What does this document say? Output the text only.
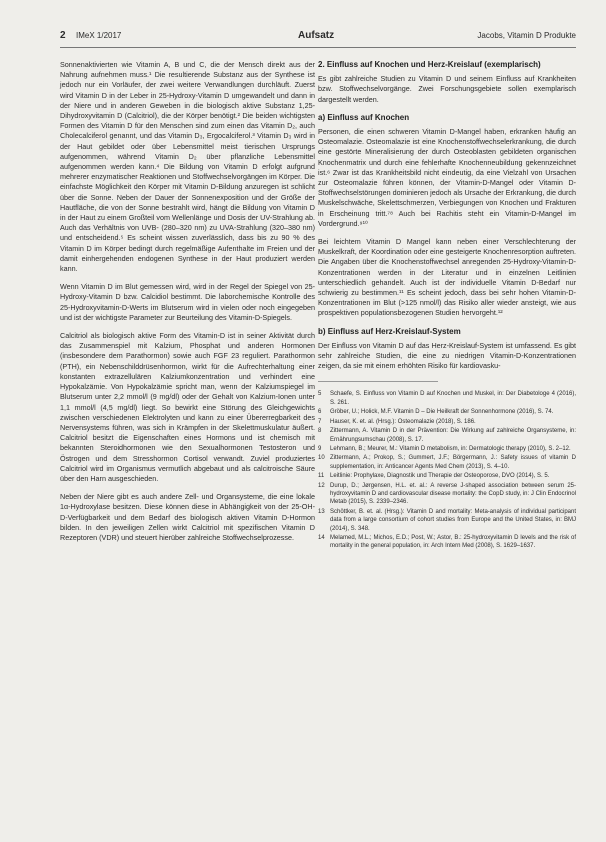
2 IMeX 1/2017	Aufsatz	Jacobs, Vitamin D Produkte

Sonnenaktivierten wie Vitamin A, B und C, die der Mensch direkt aus der Nahrung aufnehmen muss.¹ Die resultierende Substanz aus der Synthese ist jedoch nur ein Vorläufer, der zwei weitere Verwandlungen durchläuft. Zuerst wird Vitamin D in der Leber in 25-Hydroxy-Vitamin D umgewandelt und dann in der Niere und in anderen Geweben in die biologisch aktive Substanz 1,25-Dihydroxyvitamin D (Calcitriol), die der Körper benötigt.² Die beiden wichtigsten Formen des Vitamin D für den Menschen sind zum einen das Vitamin D₂, auch Cholecalciferol genannt, und das Vitamin D₃, Ergocalciferol.³ Vitamin D₃ wird in der Haut gebildet oder über Lebensmittel meist tierischen Ursprungs aufgenommen, während Vitamin D₂ über pflanzliche Lebensmittel aufgenommen werden kann.⁴ Die Bildung von Vitamin D erfolgt aufgrund mehrerer enzymatischer Reaktionen und Stoffwechselvorgängen im Körper. Die einfachste Möglichkeit den Körper mit Vitamin D-Bildung anzuregen ist schlicht über die Sonne. Neben der Dauer der Sonnenexposition und der Größe der Hautfläche, die von der Sonne bestrahlt wird, hängt die Bildung von Vitamin D in der Haut zu einem Großteil vom Wellenlänge und Dosis der UV-Strahlung ab. Auch das Verhältnis von UVB- (280–320 nm) zu UVA-Strahlung (320–380 nm) und entscheidend.⁵ Es scheint wissen zuverlässlich, dass bis zu 90 % des Vitamin D im Körper bedingt durch regelmäßige Aufenthalte im Freien und der damit einhergehenden endogenen Synthese in der Haut produziert werden kann.

Wenn Vitamin D im Blut gemessen wird, wird in der Regel der Spiegel von 25-Hydroxy-Vitamin D bzw. Calcidiol bestimmt. Die laborchemische Kontrolle des 25-Hydroxyvitamin-D-Werts im Blutserum wird in vielen oder noch eingegeben und ist der wichtigste Parameter zur Beurteilung des Vitamin-D-Spiegels.

Calcitriol als biologisch aktive Form des Vitamin-D ist in seiner Aktivität durch das Zusammenspiel mit Kalzium, Phosphat und anderen Hormonen (insbesondere dem Parathormon) sowie auch FGF 23 reguliert. Parathormon (PTH), ein Nebenschilddrüsenhormon, wirkt für die Aufrechterhaltung einer konstanten extrazellulären Kalziumkonzentration und verhindert eine Hypokalzämie. Von Hypokalzämie spricht man, wenn der Kalziumspiegel im Blutserum unter 2,2 mmol/l (9 mg/dl) oder der Gehalt von Kalzium-Ionen unter 1,1 mmol/l (4,5 mg/dl) liegt. So bewirkt eine Störung des Gleichgewichts zwischen verschiedenen Elektrolyten und kann zu einer Übererregbarkeit des Nervensystems führen, was sich in Krämpfen in der Skelettmuskulatur äußert. Calcitriol besitzt die Eigenschaften eines Hormons und ist chemisch mit bekannten Steroidhormonen wie den Sexualhormonen Testosteron und Östrogen und dem Stresshormon Cortisol verwandt. Zuviel produziertes Calcitriol wird im Organismus vermutlich abgebaut und als calcitroische Säure über den Harn ausgeschieden.

Neben der Niere gibt es auch andere Zell- und Organsysteme, die eine lokale 1α-Hydroxylase besitzen. Diese können diese in Abhängigkeit von der 25-OH-D-Verfügbarkeit und dem Bedarf des biologisch aktiven Vitamin D-Hormon bilden. In den jeweiligen Zellen wirkt Calcitriol mit spezifischen Vitamin D Rezeptoren (VDR) und steuert hierüber zahlreiche Stoffwechselprozesse.

2. Einfluss auf Knochen und Herz-Kreislauf (exemplarisch)

Es gibt zahlreiche Studien zu Vitamin D und seinem Einfluss auf Krankheiten bzw. Stoffwechselvorgänge. Zwei Forschungsgebiete sollen exemplarisch dargestellt werden.

a) Einfluss auf Knochen

Personen, die einen schweren Vitamin D-Mangel haben, erkranken häufig an Osteomalazie. Osteomalazie ist eine Knochenstoffwechselerkrankung, die durch eine gestörte Mineralisierung der durch Osteoblasten gebildeten organischen Knochenmatrix und durch eine fehlerhafte Knochenneubildung gekennzeichnet ist.⁶ Zwar ist das Krankheitsbild nicht eindeutig, da eine Vielzahl von Ursachen zur Osteomalazie führen können, der Vitamin-D-Mangel oder Vitamin D-Stoffwechselstörungen dominieren jedoch als Ursache der Erkrankung, die durch Muskelschwäche, Skelettschmerzen, Verbiegungen von Knochen und Frakturen in Erscheinung tritt.⁷⁸ Auch bei Rachitis steht ein Vitamin-D-Mangel im Vordergrund.⁹¹⁰

Bei leichtem Vitamin D Mangel kann neben einer Verschlechterung der Muskelkraft, der Koordination oder eine gesteigerte Knochenresorption auftreten. Die Angaben über die Knochenstoffwechsel anregenden 25-Hydroxy-Vitamin-D-Konzentrationen werden in der Literatur und in einzelnen Leitlinien unterschiedlich gehandelt. Auch ist der individuelle Vitamin D-Bedarf nur schwierig zu bestimmen.¹¹ Es scheint jedoch, dass bei sehr hohen Vitamin-D-Konzentrationen im Blut (>125 nmol/l) das Risiko aller wieder ansteigt, wie aus prospektiven populationsbezogenen Studien hervorgeht.¹²

b) Einfluss auf Herz-Kreislauf-System

Der Einfluss von Vitamin D auf das Herz-Kreislauf-System ist umfassend. Es gibt sehr zahlreiche Studien, die eine zu niedrigen Vitamin-D-Konzentrationen zeigen, da sie mit einem erhöhten Risiko für kardiovasku-

5	Schaefe, S. Einfluss von Vitamin D auf Knochen und Muskel, in: Der Diabetologe 4 (2016), S. 261.
6	Gröber, U.; Holick, M.F. Vitamin D – Die Heilkraft der Sonnenhormone (2016), S. 74.
7	Hauser, K. et. al. (Hrsg.): Osteomalazie (2018), S. 186.
8	Zittermann, A. Vitamin D in der Prävention: Die Wirkung auf zahlreiche Organsysteme, in: Ernährungsumschau (2008), S. 17.
9	Lehmann, B.; Meurer, M.: Vitamin D metabolism, in: Dermatologic therapy (2010), S. 2–12.
10 Zittermann, A.; Prokop, S.; Gummert, J.F.; Börgermann, J.: Safety issues of vitamin D supplementation, in: Anticancer Agents Med Chem (2013), S. 4–10.
11 Leitlinie: Prophylaxe, Diagnostik und Therapie der Osteoporose, DVO (2014), S. 5.
12 Durup, D.; Jørgensen, H.L. et. al.: A reverse J-shaped association between serum 25-hydroxyvitamin D and cardiovascular disease mortality: the CopD study, in: J Clin Endocrinol Metab (2015), S. 2339–2346.
13 Schöttker, B. et. al. (Hrsg.): Vitamin D and mortality: Meta-analysis of individual participant data from a large consortium of cohort studies from Europe and the United States, in: BMJ (2014), S. 348.
14 Melamed, M.L.; Michos, E.D.; Post, W.; Astor, B.: 25-hydroxyvitamin D levels and the risk of mortality in the general population, in: Arch Intern Med (2008), S. 1629–1637.
